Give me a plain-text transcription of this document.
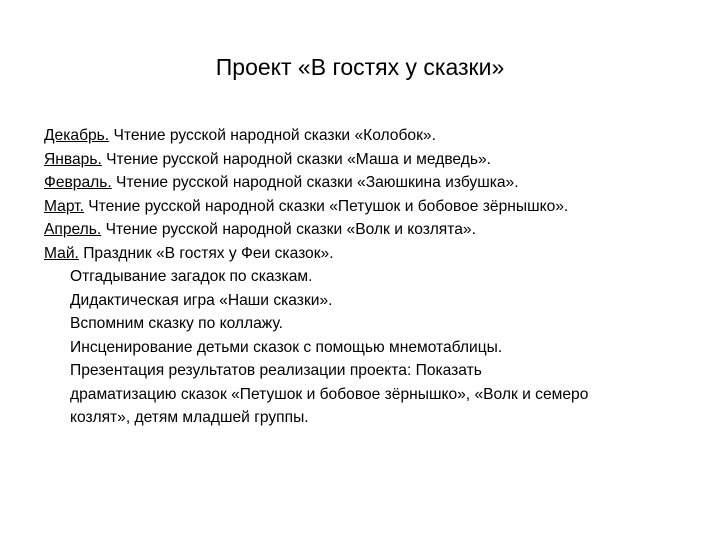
Проект «В гостях у сказки»
Декабрь. Чтение русской народной сказки «Колобок».
Январь. Чтение русской народной сказки «Маша и медведь».
Февраль. Чтение русской народной сказки «Заюшкина избушка».
Март. Чтение русской народной сказки «Петушок и бобовое зёрнышко».
Апрель. Чтение русской народной сказки «Волк и козлята».
Май. Праздник «В гостях у Феи сказок».
Отгадывание загадок по сказкам.
Дидактическая игра «Наши сказки».
Вспомним сказку по коллажу.
Инсценирование детьми сказок с помощью мнемотаблицы.
Презентация результатов реализации проекта: Показать
драматизацию сказок «Петушок и бобовое зёрнышко», «Волк и семеро
козлят», детям младшей группы.
